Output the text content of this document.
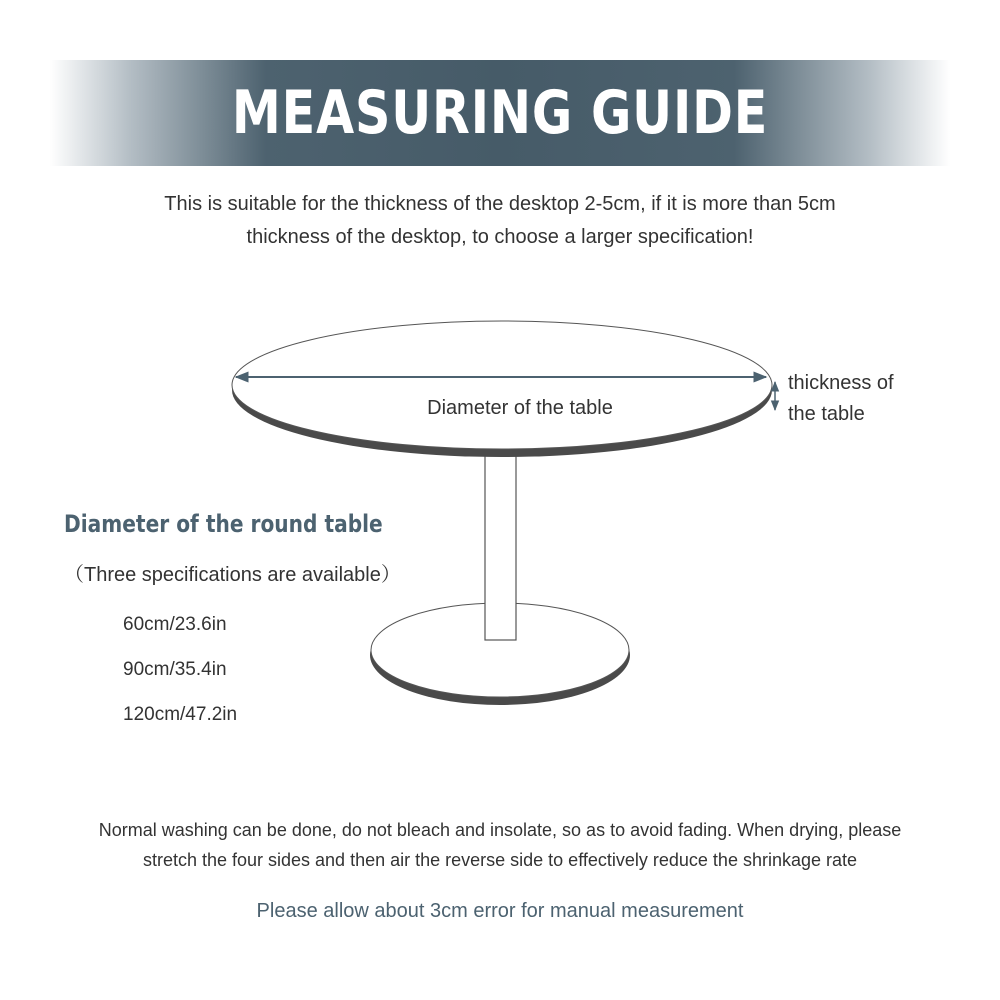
MEASURING GUIDE
This is suitable for the thickness of the desktop 2-5cm, if it is more than 5cm
thickness of the desktop, to choose a larger specification!
Diameter of the table
thickness of
the table
Diameter of the round table
（Three specifications are available）
60cm/23.6in
90cm/35.4in
120cm/47.2in
Normal washing can be done, do not bleach and insolate, so as to avoid fading. When drying, please
stretch the four sides and then air the reverse side to effectively reduce the shrinkage rate
Please allow about 3cm error for manual measurement
